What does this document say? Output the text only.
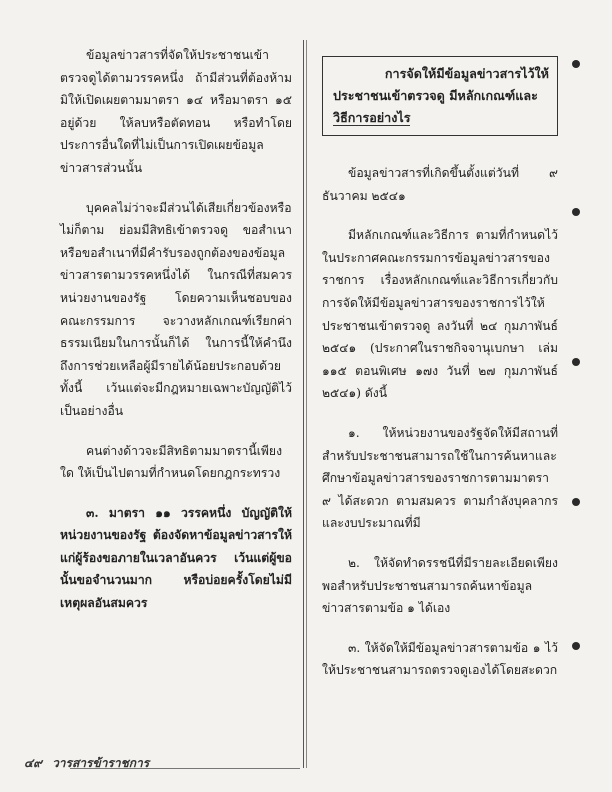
ข้อมูลข่าวสารที่จัดให้ประชาชนเข้าตรวจดูได้ตามวรรคหนึ่ง ถ้ามีส่วนที่ต้องห้ามมิให้เปิดเผยตามมาตรา ๑๔ หรือมาตรา ๑๕ อยู่ด้วย ให้ลบหรือตัดทอน หรือทำโดยประการอื่นใดที่ไม่เป็นการเปิดเผยข้อมูลข่าวสารส่วนนั้น

บุคคลไม่ว่าจะมีส่วนได้เสียเกี่ยวข้องหรือไม่ก็ตาม ย่อมมีสิทธิเข้าตรวจดู ขอสำเนา หรือขอสำเนาที่มีคำรับรองถูกต้องของข้อมูลข่าวสารตามวรรคหนึ่งได้ ในกรณีที่สมควรหน่วยงานของรัฐ โดยความเห็นชอบของคณะกรรมการ จะวางหลักเกณฑ์เรียกค่าธรรมเนียมในการนั้นก็ได้ ในการนี้ให้คำนึงถึงการช่วยเหลือผู้มีรายได้น้อยประกอบด้วย ทั้งนี้ เว้นแต่จะมีกฎหมายเฉพาะบัญญัติไว้เป็นอย่างอื่น

คนต่างด้าวจะมีสิทธิตามมาตรานี้เพียงใด ให้เป็นไปตามที่กำหนดโดยกฎกระทรวง

๓. มาตรา ๑๑ วรรคหนึ่ง บัญญัติให้หน่วยงานของรัฐ ต้องจัดหาข้อมูลข่าวสารให้แก่ผู้ร้องขอภายในเวลาอันควร เว้นแต่ผู้ขอนั้นขอจำนวนมาก หรือบ่อยครั้งโดยไม่มีเหตุผลอันสมควร

การจัดให้มีข้อมูลข่าวสารไว้ให้
ประชาชนเข้าตรวจดู มีหลักเกณฑ์และ
วิธีการอย่างไร

ข้อมูลข่าวสารที่เกิดขึ้นตั้งแต่วันที่ ๙ ธันวาคม ๒๕๔๑

มีหลักเกณฑ์และวิธีการ ตามที่กำหนดไว้ในประกาศคณะกรรมการข้อมูลข่าวสารของราชการ เรื่องหลักเกณฑ์และวิธีการเกี่ยวกับการจัดให้มีข้อมูลข่าวสารของราชการไว้ให้ประชาชนเข้าตรวจดู ลงวันที่ ๒๔ กุมภาพันธ์ ๒๕๔๑ (ประกาศในราชกิจจานุเบกษา เล่ม ๑๑๕ ตอนพิเศษ ๑๗ง วันที่ ๒๗ กุมภาพันธ์ ๒๕๔๑) ดังนี้

๑. ให้หน่วยงานของรัฐจัดให้มีสถานที่สำหรับประชาชนสามารถใช้ในการค้นหาและศึกษาข้อมูลข่าวสารของราชการตามมาตรา ๙ ได้สะดวก ตามสมควร ตามกำลังบุคลากรและงบประมาณที่มี

๒. ให้จัดทำดรรชนีที่มีรายละเอียดเพียงพอสำหรับประชาชนสามารถค้นหาข้อมูลข่าวสารตามข้อ ๑ ได้เอง

๓. ให้จัดให้มีข้อมูลข่าวสารตามข้อ ๑ ไว้ให้ประชาชนสามารถตรวจดูเองได้โดยสะดวก

๔๙ วารสารข้าราชการ
